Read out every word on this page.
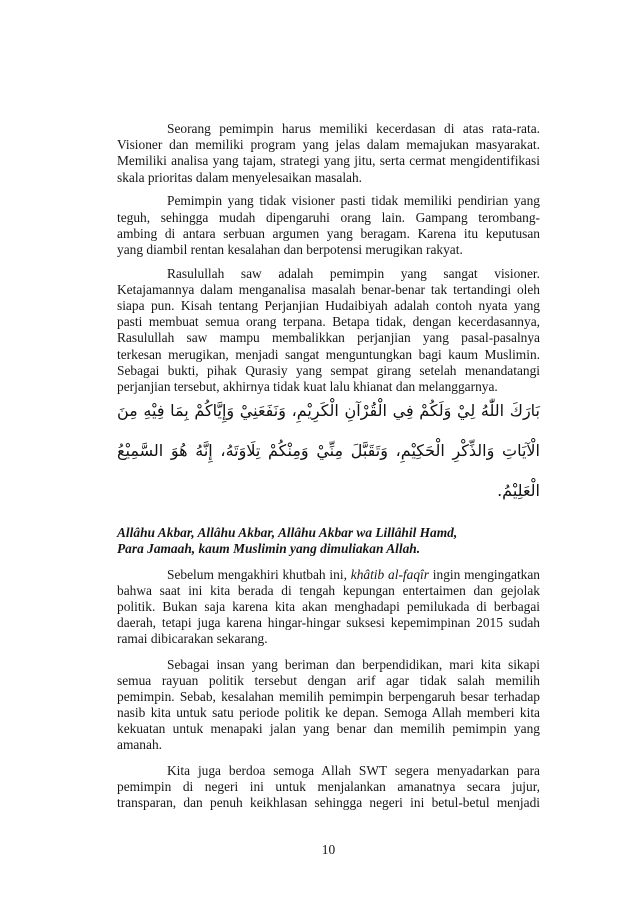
Seorang pemimpin harus memiliki kecerdasan di atas rata-rata.
Visioner dan memiliki program yang jelas dalam memajukan masyarakat.
Memiliki analisa yang tajam, strategi yang jitu, serta cermat mengidentifikasi
skala prioritas dalam menyelesaikan masalah.
Pemimpin yang tidak visioner pasti tidak memiliki pendirian yang
teguh, sehingga mudah dipengaruhi orang lain. Gampang terombang-
ambing di antara serbuan argumen yang beragam. Karena itu keputusan
yang diambil rentan kesalahan dan berpotensi merugikan rakyat.
Rasulullah saw adalah pemimpin yang sangat visioner.
Ketajamannya dalam menganalisa masalah benar-benar tak tertandingi oleh
siapa pun. Kisah tentang Perjanjian Hudaibiyah adalah contoh nyata yang
pasti membuat semua orang terpana. Betapa tidak, dengan kecerdasannya,
Rasulullah saw mampu membalikkan perjanjian yang pasal-pasalnya
terkesan merugikan, menjadi sangat menguntungkan bagi kaum Muslimin.
Sebagai bukti, pihak Qurasiy yang sempat girang setelah menandatangi
perjanjian tersebut, akhirnya tidak kuat lalu khianat dan melanggarnya.
بَارَكَ اللّٰهُ لِيْ وَلَكُمْ فِي الْقُرْآنِ الْكَرِيْمِ، وَنَفَعَنِيْ وَإِيَّاكُمْ بِمَا فِيْهِ مِنَ
الْآيَاتِ وَالذِّكْرِ الْحَكِيْمِ، وَتَقَبَّلَ مِنِّيْ وَمِنْكُمْ تِلَاوَتَهُ، إِنَّهُ هُوَ السَّمِيْعُ
الْعَلِيْمُ.
Allâhu Akbar, Allâhu Akbar, Allâhu Akbar wa Lillâhil Hamd,
Para Jamaah, kaum Muslimin yang dimuliakan Allah.
Sebelum mengakhiri khutbah ini, khâtib al-faqîr ingin mengingatkan
bahwa saat ini kita berada di tengah kepungan entertaimen dan gejolak
politik. Bukan saja karena kita akan menghadapi pemilukada di berbagai
daerah, tetapi juga karena hingar-hingar suksesi kepemimpinan 2015 sudah
ramai dibicarakan sekarang.
Sebagai insan yang beriman dan berpendidikan, mari kita sikapi
semua rayuan politik tersebut dengan arif agar tidak salah memilih
pemimpin. Sebab, kesalahan memilih pemimpin berpengaruh besar terhadap
nasib kita untuk satu periode politik ke depan. Semoga Allah memberi kita
kekuatan untuk menapaki jalan yang benar dan memilih pemimpin yang
amanah.
Kita juga berdoa semoga Allah SWT segera menyadarkan para
pemimpin di negeri ini untuk menjalankan amanatnya secara jujur,
transparan, dan penuh keikhlasan sehingga negeri ini betul-betul menjadi
10
